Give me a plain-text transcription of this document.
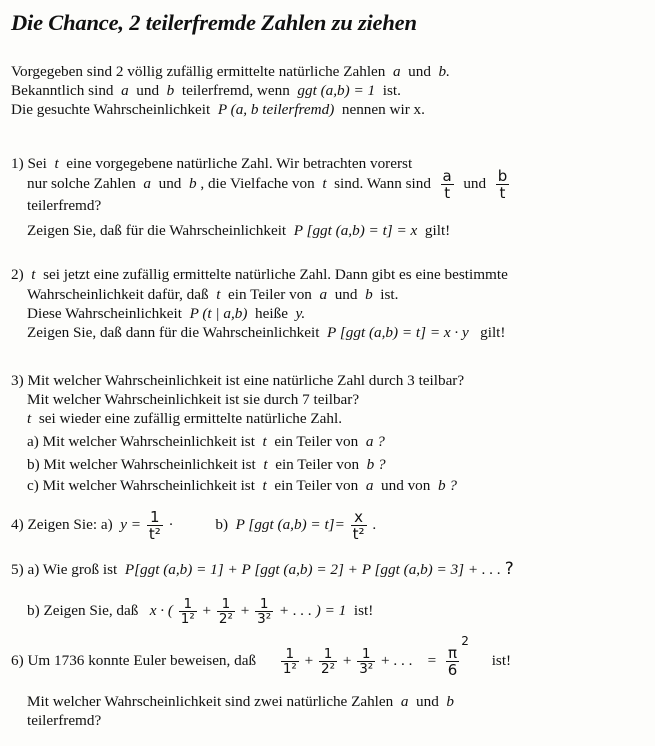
Die Chance, 2 teilerfremde Zahlen zu ziehen
Vorgegeben sind 2 völlig zufällig ermittelte natürliche Zahlen a und b.
Bekanntlich sind a und b teilerfremd, wenn ggt (a,b) = 1 ist.
Die gesuchte Wahrscheinlichkeit P (a, b teilerfremd) nennen wir x.
1) Sei t eine vorgegebene natürliche Zahl. Wir betrachten vorerst
nur solche Zahlen a und b , die Vielfache von t sind. Wann sind $\frac{a}{t}$ und $\frac{b}{t}$
teilerfremd?
Zeigen Sie, daß für die Wahrscheinlichkeit P [ggt (a,b) = t] = x gilt!
2) t sei jetzt eine zufällig ermittelte natürliche Zahl. Dann gibt es eine bestimmte
Wahrscheinlichkeit dafür, daß t ein Teiler von a und b ist.
Diese Wahrscheinlichkeit P (t | a,b) heiße y.
Zeigen Sie, daß dann für die Wahrscheinlichkeit P [ggt (a,b) = t] = x · y gilt!
3) Mit welcher Wahrscheinlichkeit ist eine natürliche Zahl durch 3 teilbar?
Mit welcher Wahrscheinlichkeit ist sie durch 7 teilbar?
t sei wieder eine zufällig ermittelte natürliche Zahl.
a) Mit welcher Wahrscheinlichkeit ist t ein Teiler von a ?
b) Mit welcher Wahrscheinlichkeit ist t ein Teiler von b ?
c) Mit welcher Wahrscheinlichkeit ist t ein Teiler von a und von b ?
4) Zeigen Sie: a) $y = \frac{1}{\text{t²}}$ ·	b) P [ggt $(a,b) = t]= \frac{x}{\text{t²}}$ .
5) a) Wie groß ist P[ggt (a,b) = 1] + P [ggt (a,b) = 2] + P [ggt (a,b) = 3] + . . . ?
b) Zeigen Sie, daß x · ( $\frac{1}{\text{1²}} + \frac{1}{\text{2²}} + \frac{1}{\text{3²}}$ + . . . ) = 1 ist!
6) Um 1736 konnte Euler beweisen, daß $\frac{1}{\text{1²}} + \frac{1}{\text{2²}} + \frac{1}{\text{3²}}$ + . . . = $\frac{\pi}{6}$
$^2$      ist!
Mit welcher Wahrscheinlichkeit sind zwei natürliche Zahlen a und b
teilerfremd?
